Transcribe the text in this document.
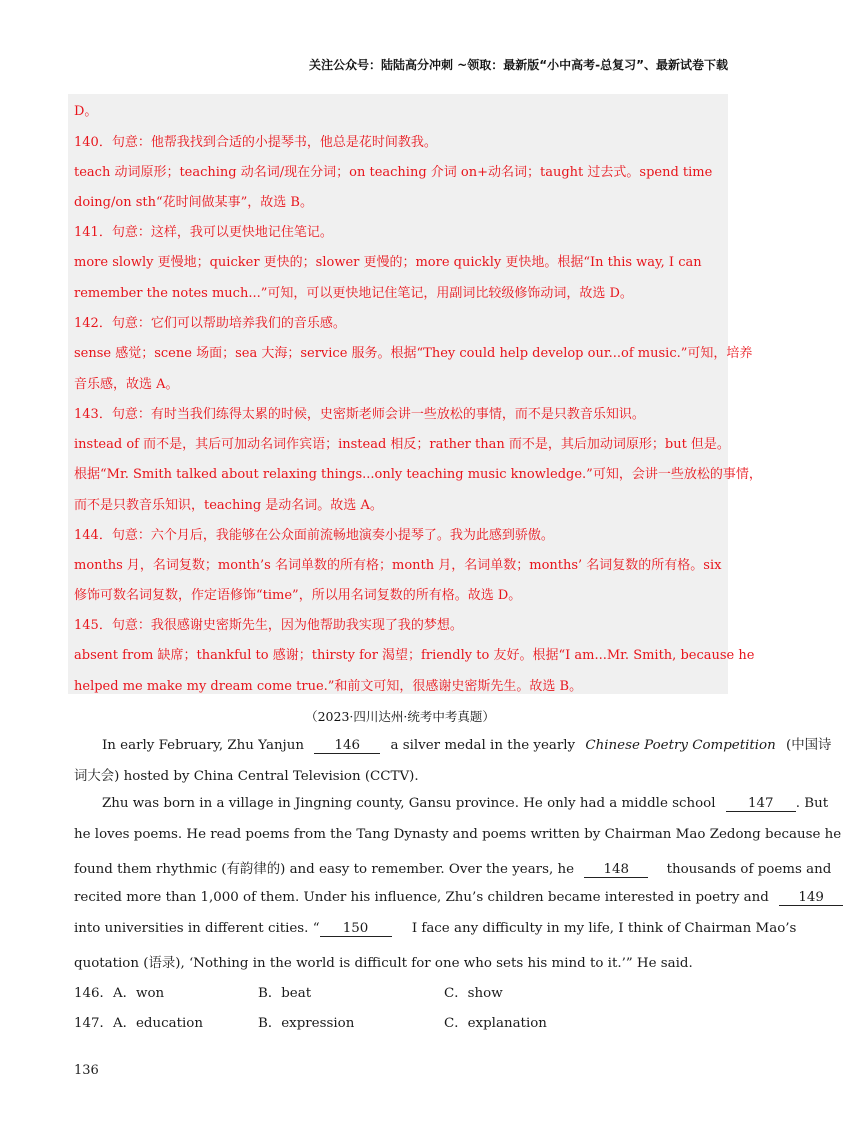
关注公众号：陆陆高分冲刺 ~领取：最新版“小中高考-总复习”、最新试卷下载
D。
140．句意：他帮我找到合适的小提琴书，他总是花时间教我。
teach 动词原形；teaching 动名词/现在分词；on teaching 介词 on+动名词；taught 过去式。spend time
doing/on sth“花时间做某事”，故选 B。
141．句意：这样，我可以更快地记住笔记。
more slowly 更慢地；quicker 更快的；slower 更慢的；more quickly 更快地。根据“In this way, I can
remember the notes much...”可知，可以更快地记住笔记，用副词比较级修饰动词，故选 D。
142．句意：它们可以帮助培养我们的音乐感。
sense 感觉；scene 场面；sea 大海；service 服务。根据“They could help develop our...of music.”可知，培养
音乐感，故选 A。
143．句意：有时当我们练得太累的时候，史密斯老师会讲一些放松的事情，而不是只教音乐知识。
instead of 而不是，其后可加动名词作宾语；instead 相反；rather than 而不是，其后加动词原形；but 但是。
根据“Mr. Smith talked about relaxing things...only teaching music knowledge.”可知，会讲一些放松的事情，
而不是只教音乐知识，teaching 是动名词。故选 A。
144．句意：六个月后，我能够在公众面前流畅地演奏小提琴了。我为此感到骄傲。
months 月，名词复数；month’s 名词单数的所有格；month 月，名词单数；months’ 名词复数的所有格。six
修饰可数名词复数，作定语修饰“time”，所以用名词复数的所有格。故选 D。
145．句意：我很感谢史密斯先生，因为他帮助我实现了我的梦想。
absent from 缺席；thankful to 感谢；thirsty for 渴望；friendly to 友好。根据“I am...Mr. Smith, because he
helped me make my dream come true.”和前文可知，很感谢史密斯先生。故选 B。
（2023·四川达州·统考中考真题）
In early February, Zhu Yanjun 146 a silver medal in the yearly Chinese Poetry Competition (中国诗
词大会) hosted by China Central Television (CCTV).
Zhu was born in a village in Jingning county, Gansu province. He only had a middle school 147 . But
he loves poems. He read poems from the Tang Dynasty and poems written by Chairman Mao Zedong because he
found them rhythmic (有韵律的) and easy to remember. Over the years, he 148	thousands of poems and
recited more than 1,000 of them. Under his influence, Zhu’s children became interested in poetry and 149
into universities in different cities. “ 150	I face any difficulty in my life, I think of Chairman Mao’s
quotation (语录), ‘Nothing in the world is difficult for one who sets his mind to it.’” He said.
146．A．won	B．beat	C．show
147．A．education	B．expression	C．explanation
136
